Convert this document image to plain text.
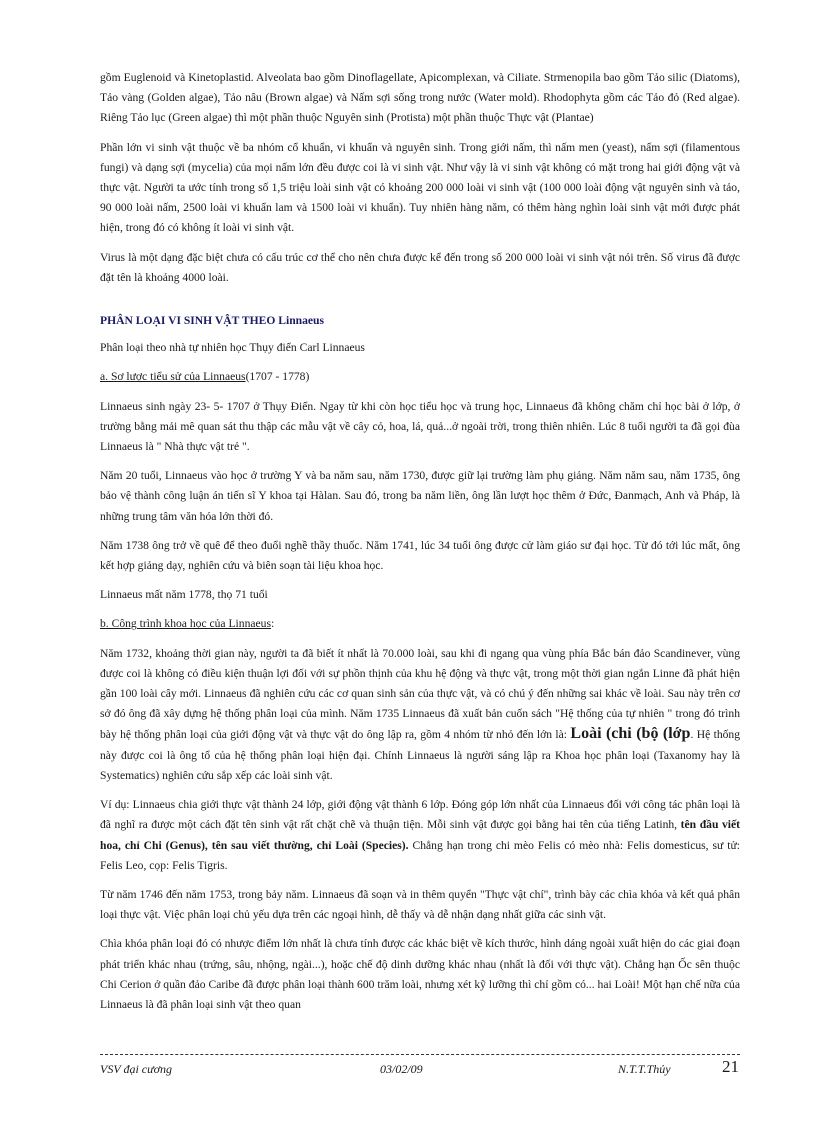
gồm Euglenoid và Kinetoplastid. Alveolata bao gồm Dinoflagellate, Apicomplexan, và Ciliate. Strmenopila bao gồm Tảo silic (Diatoms), Tảo vàng (Golden algae), Tảo nâu (Brown algae) và Nấm sợi sống trong nước (Water mold). Rhodophyta gồm các Tảo đỏ (Red algae). Riêng Tảo lục (Green algae) thì một phần thuộc Nguyên sinh (Protista) một phần thuộc Thực vật (Plantae)

Phần lớn vi sinh vật thuộc về ba nhóm cổ khuẩn, vi khuẩn và nguyên sinh. Trong giới nấm, thì nấm men (yeast), nấm sợi (filamentous fungi) và dạng sợi (mycelia) của mọi nấm lớn đều được coi là vi sinh vật. Như vậy là vi sinh vật không có mặt trong hai giới động vật và thực vật. Người ta ước tính trong số 1,5 triệu loài sinh vật có khoảng 200 000 loài vi sinh vật (100 000 loài động vật nguyên sinh và tảo, 90 000 loài nấm, 2500 loài vi khuẩn lam và 1500 loài vi khuẩn). Tuy nhiên hàng năm, có thêm hàng nghìn loài sinh vật mới được phát hiện, trong đó có không ít loài vi sinh vật.

Virus là một dạng đặc biệt chưa có cấu trúc cơ thể cho nên chưa được kể đến trong số 200 000 loài vi sinh vật nói trên. Số virus đã được đặt tên là khoảng 4000 loài.

PHÂN LOẠI VI SINH VẬT THEO Linnaeus

Phân loại theo nhà tự nhiên học Thụy điển Carl Linnaeus

a. Sơ lược tiểu sử của Linnaeus(1707 - 1778)

Linnaeus sinh ngày 23- 5- 1707 ở Thụy Điển. Ngay từ khi còn học tiểu học và trung học, Linnaeus đã không chăm chỉ học bài ở lớp, ở trường bằng mải mê quan sát thu thập các mẫu vật về cây cỏ, hoa, lá, quả...ở ngoài trời, trong thiên nhiên. Lúc 8 tuổi người ta đã gọi đùa Linnaeus là " Nhà thực vật trẻ ".

Năm 20 tuổi, Linnaeus vào học ở trường Y và ba năm sau, năm 1730, được giữ lại trường làm phụ giảng. Năm năm sau, năm 1735, ông bảo vệ thành công luận án tiến sĩ Y khoa tại Hàlan. Sau đó, trong ba năm liền, ông lần lượt học thêm ở Đức, Đanmạch, Anh và Pháp, là những trung tâm văn hóa lớn thời đó.

Năm 1738 ông trở về quê để theo đuổi nghề thầy thuốc. Năm 1741, lúc 34 tuổi ông được cử làm giáo sư đại học. Từ đó tới lúc mất, ông kết hợp giảng dạy, nghiên cứu và biên soạn tài liệu khoa học.

Linnaeus mất năm 1778, thọ 71 tuổi

b. Công trình khoa học của Linnaeus:

Năm 1732, khoảng thời gian này, người ta đã biết ít nhất là 70.000 loài, sau khi đi ngang qua vùng phía Bắc bán đảo Scandinever, vùng được coi là không có điều kiện thuận lợi đối với sự phồn thịnh của khu hệ động và thực vật, trong một thời gian ngắn Linne đã phát hiện gần 100 loài cây mới. Linnaeus đã nghiên cứu các cơ quan sinh sản của thực vật, và có chú ý đến những sai khác về loài. Sau này trên cơ sở đó ông đã xây dựng hệ thống phân loại của mình. Năm 1735 Linnaeus đã xuất bản cuốn sách "Hệ thống của tự nhiên " trong đó trình bày hệ thống phân loại của giới động vật và thực vật do ông lập ra, gồm 4 nhóm từ nhỏ đến lớn là: Loài (chi (bộ (lớp. Hệ thống này được coi là ông tổ của hệ thống phân loại hiện đại. Chính Linnaeus là người sáng lập ra Khoa học phân loại (Taxanomy hay là Systematics) nghiên cứu sắp xếp các loài sinh vật.

Ví dụ: Linnaeus chia giới thực vật thành 24 lớp, giới động vật thành 6 lớp. Đóng góp lớn nhất của Linnaeus đối với công tác phân loại là đã nghĩ ra được một cách đặt tên sinh vật rất chặt chẽ và thuận tiện. Mỗi sinh vật được gọi bằng hai tên của tiếng Latinh, tên đầu viết hoa, chỉ Chi (Genus), tên sau viết thường, chỉ Loài (Species). Chẳng hạn trong chi mèo Felis có mèo nhà: Felis domesticus, sư tử: Felis Leo, cọp: Felis Tigris.

Từ năm 1746 đến năm 1753, trong bảy năm. Linnaeus đã soạn và in thêm quyển "Thực vật chí", trình bày các chìa khóa và kết quả phân loại thực vật. Việc phân loại chủ yếu dựa trên các ngoại hình, dễ thấy và dễ nhận dạng nhất giữa các sinh vật.

Chìa khóa phân loại đó có nhược điểm lớn nhất là chưa tính được các khác biệt về kích thước, hình dáng ngoài xuất hiện do các giai đoạn phát triển khác nhau (trứng, sâu, nhộng, ngài...), hoặc chế độ dinh dưỡng khác nhau (nhất là đối với thực vật). Chẳng hạn Ốc sên thuộc Chi Cerion ở quần đảo Caribe đã được phân loại thành 600 trăm loài, nhưng xét kỹ lưỡng thì chỉ gồm có... hai Loài! Một hạn chế nữa của Linnaeus là đã phân loại sinh vật theo quan

VSV đại cương	03/02/09	N.T.T.Thủy	21
